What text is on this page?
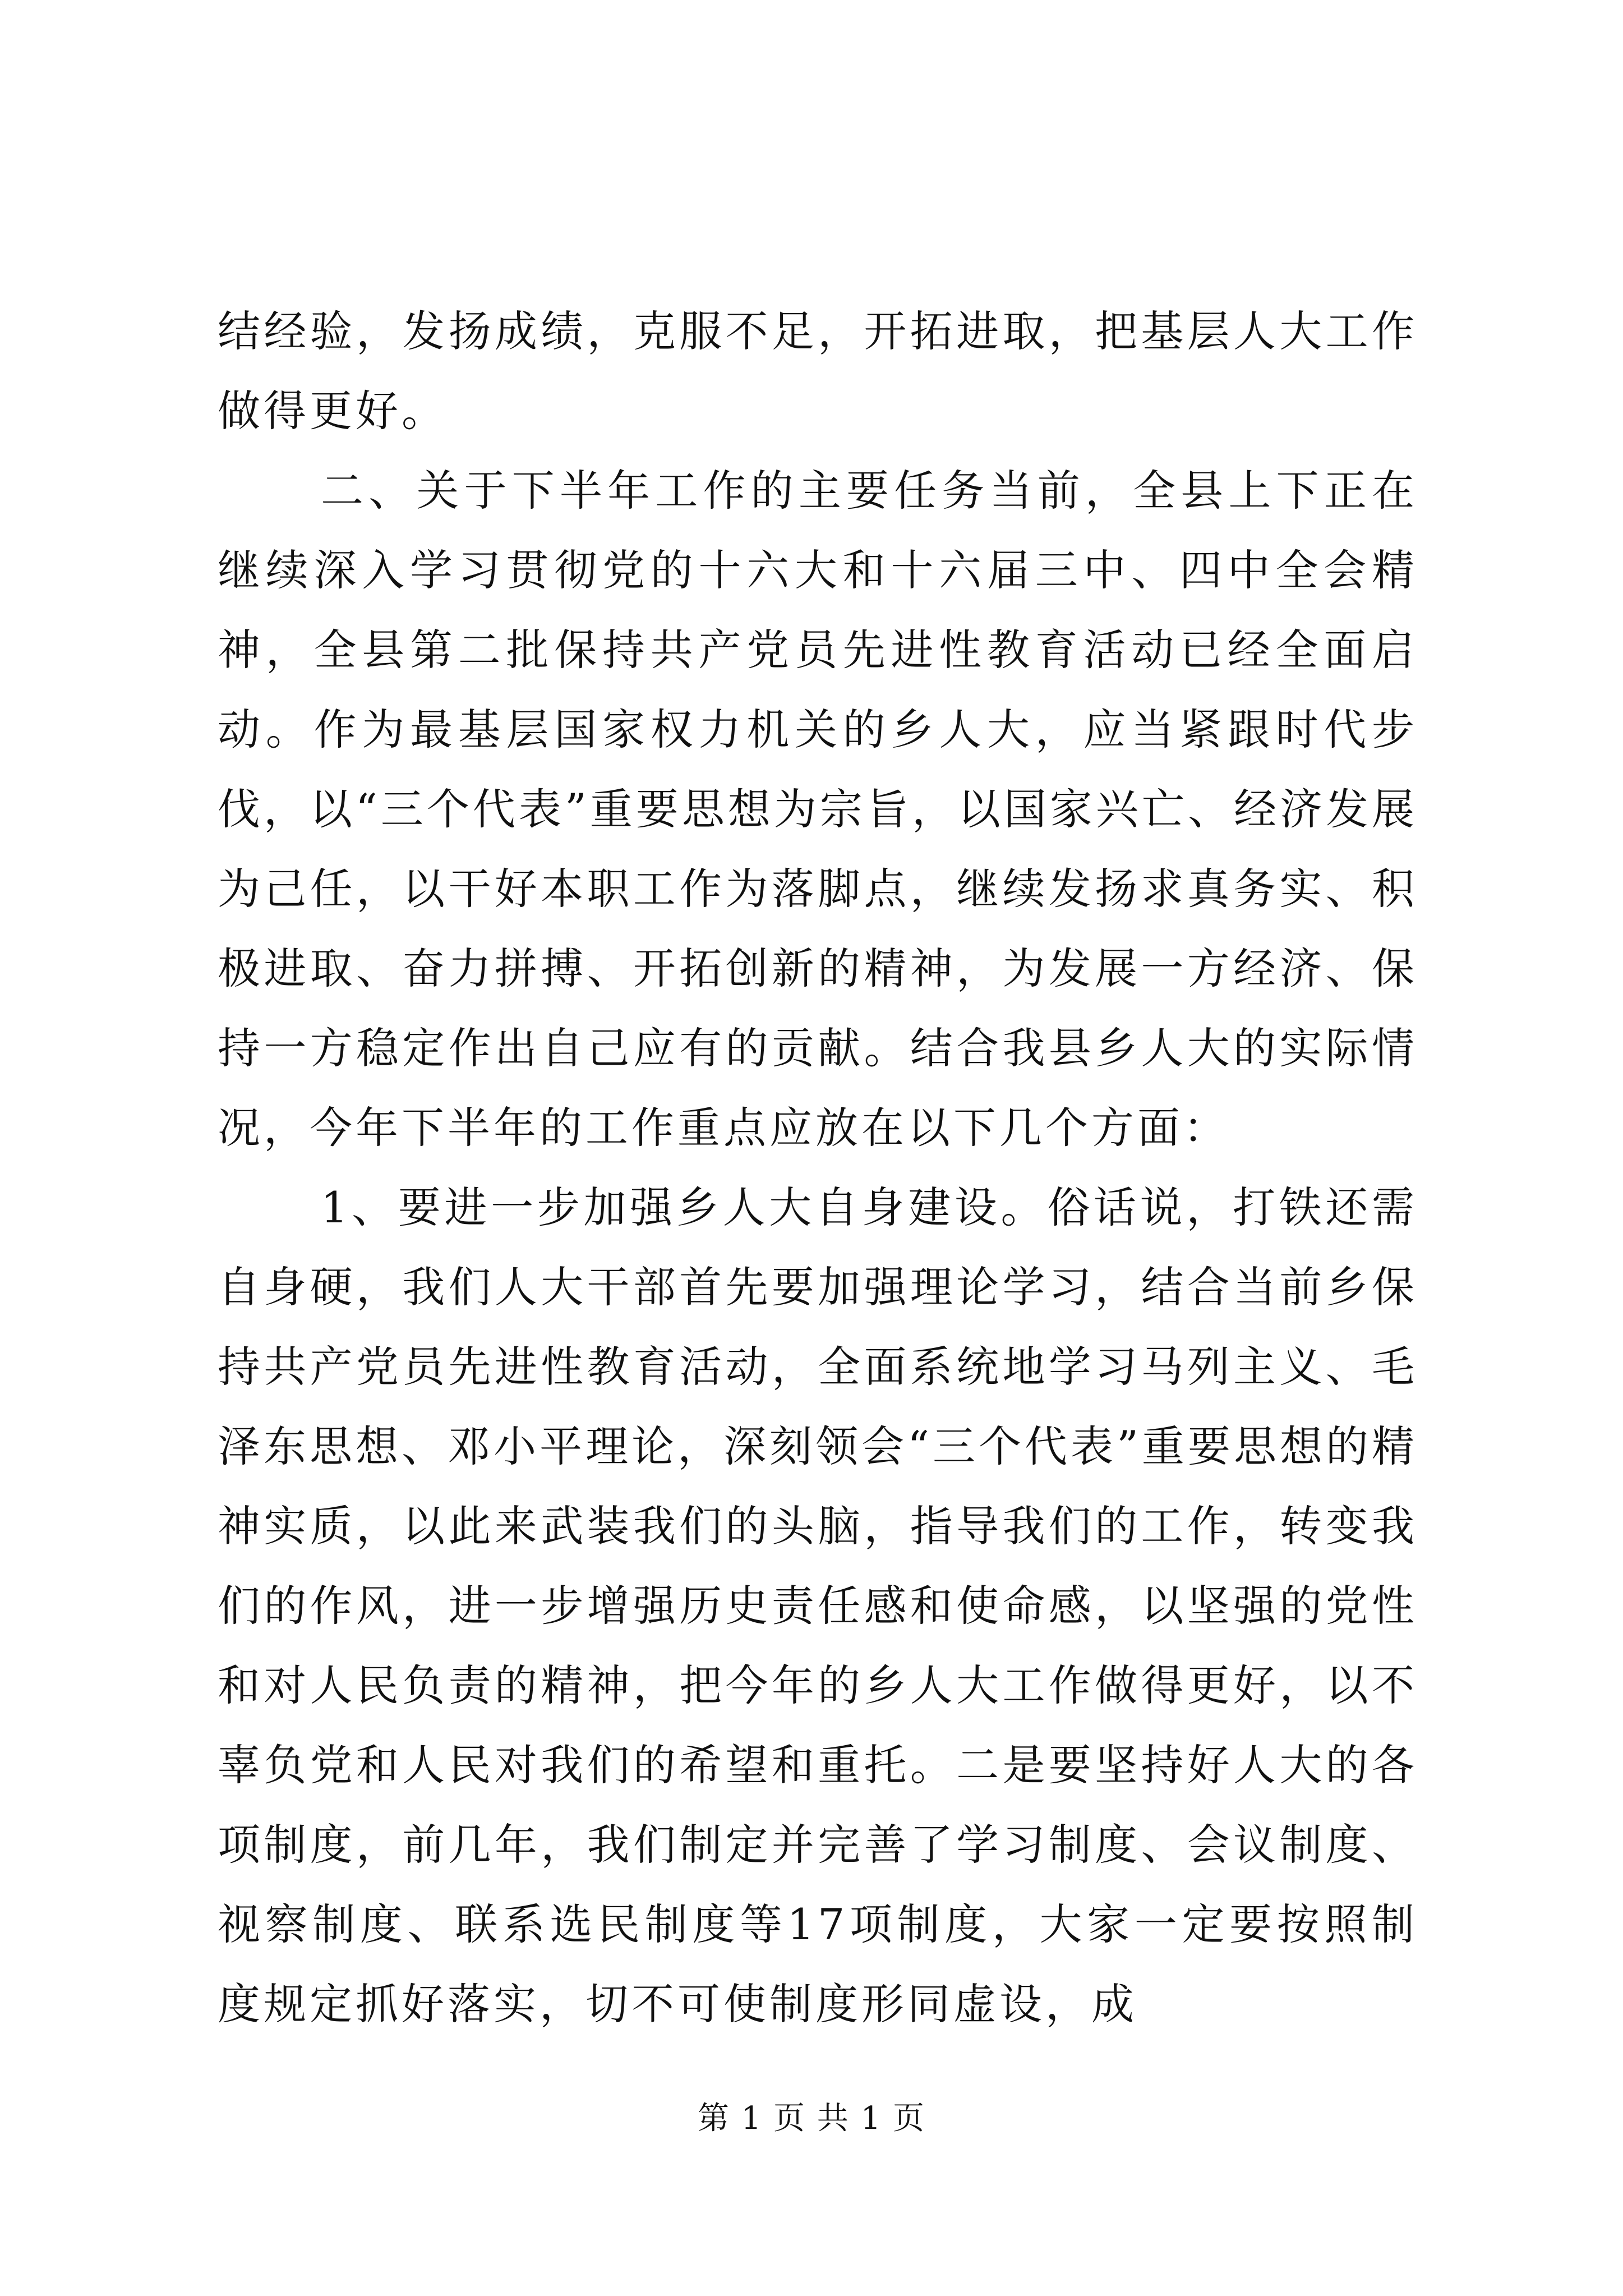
结经验，发扬成绩，克服不足，开拓进取，把基层人大工作做得更好。

二、关于下半年工作的主要任务当前，全县上下正在继续深入学习贯彻党的十六大和十六届三中、四中全会精神，全县第二批保持共产党员先进性教育活动已经全面启动。作为最基层国家权力机关的乡人大，应当紧跟时代步伐，以“三个代表”重要思想为宗旨，以国家兴亡、经济发展为己任，以干好本职工作为落脚点，继续发扬求真务实、积极进取、奋力拼搏、开拓创新的精神，为发展一方经济、保持一方稳定作出自己应有的贡献。结合我县乡人大的实际情况，今年下半年的工作重点应放在以下几个方面：

1、要进一步加强乡人大自身建设。俗话说，打铁还需自身硬，我们人大干部首先要加强理论学习，结合当前乡保持共产党员先进性教育活动，全面系统地学习马列主义、毛泽东思想、邓小平理论，深刻领会“三个代表”重要思想的精神实质，以此来武装我们的头脑，指导我们的工作，转变我们的作风，进一步增强历史责任感和使命感，以坚强的党性和对人民负责的精神，把今年的乡人大工作做得更好，以不辜负党和人民对我们的希望和重托。二是要坚持好人大的各项制度，前几年，我们制定并完善了学习制度、会议制度、视察制度、联系选民制度等17项制度，大家一定要按照制度规定抓好落实，切不可使制度形同虚设，成

第 1 页 共 1 页
